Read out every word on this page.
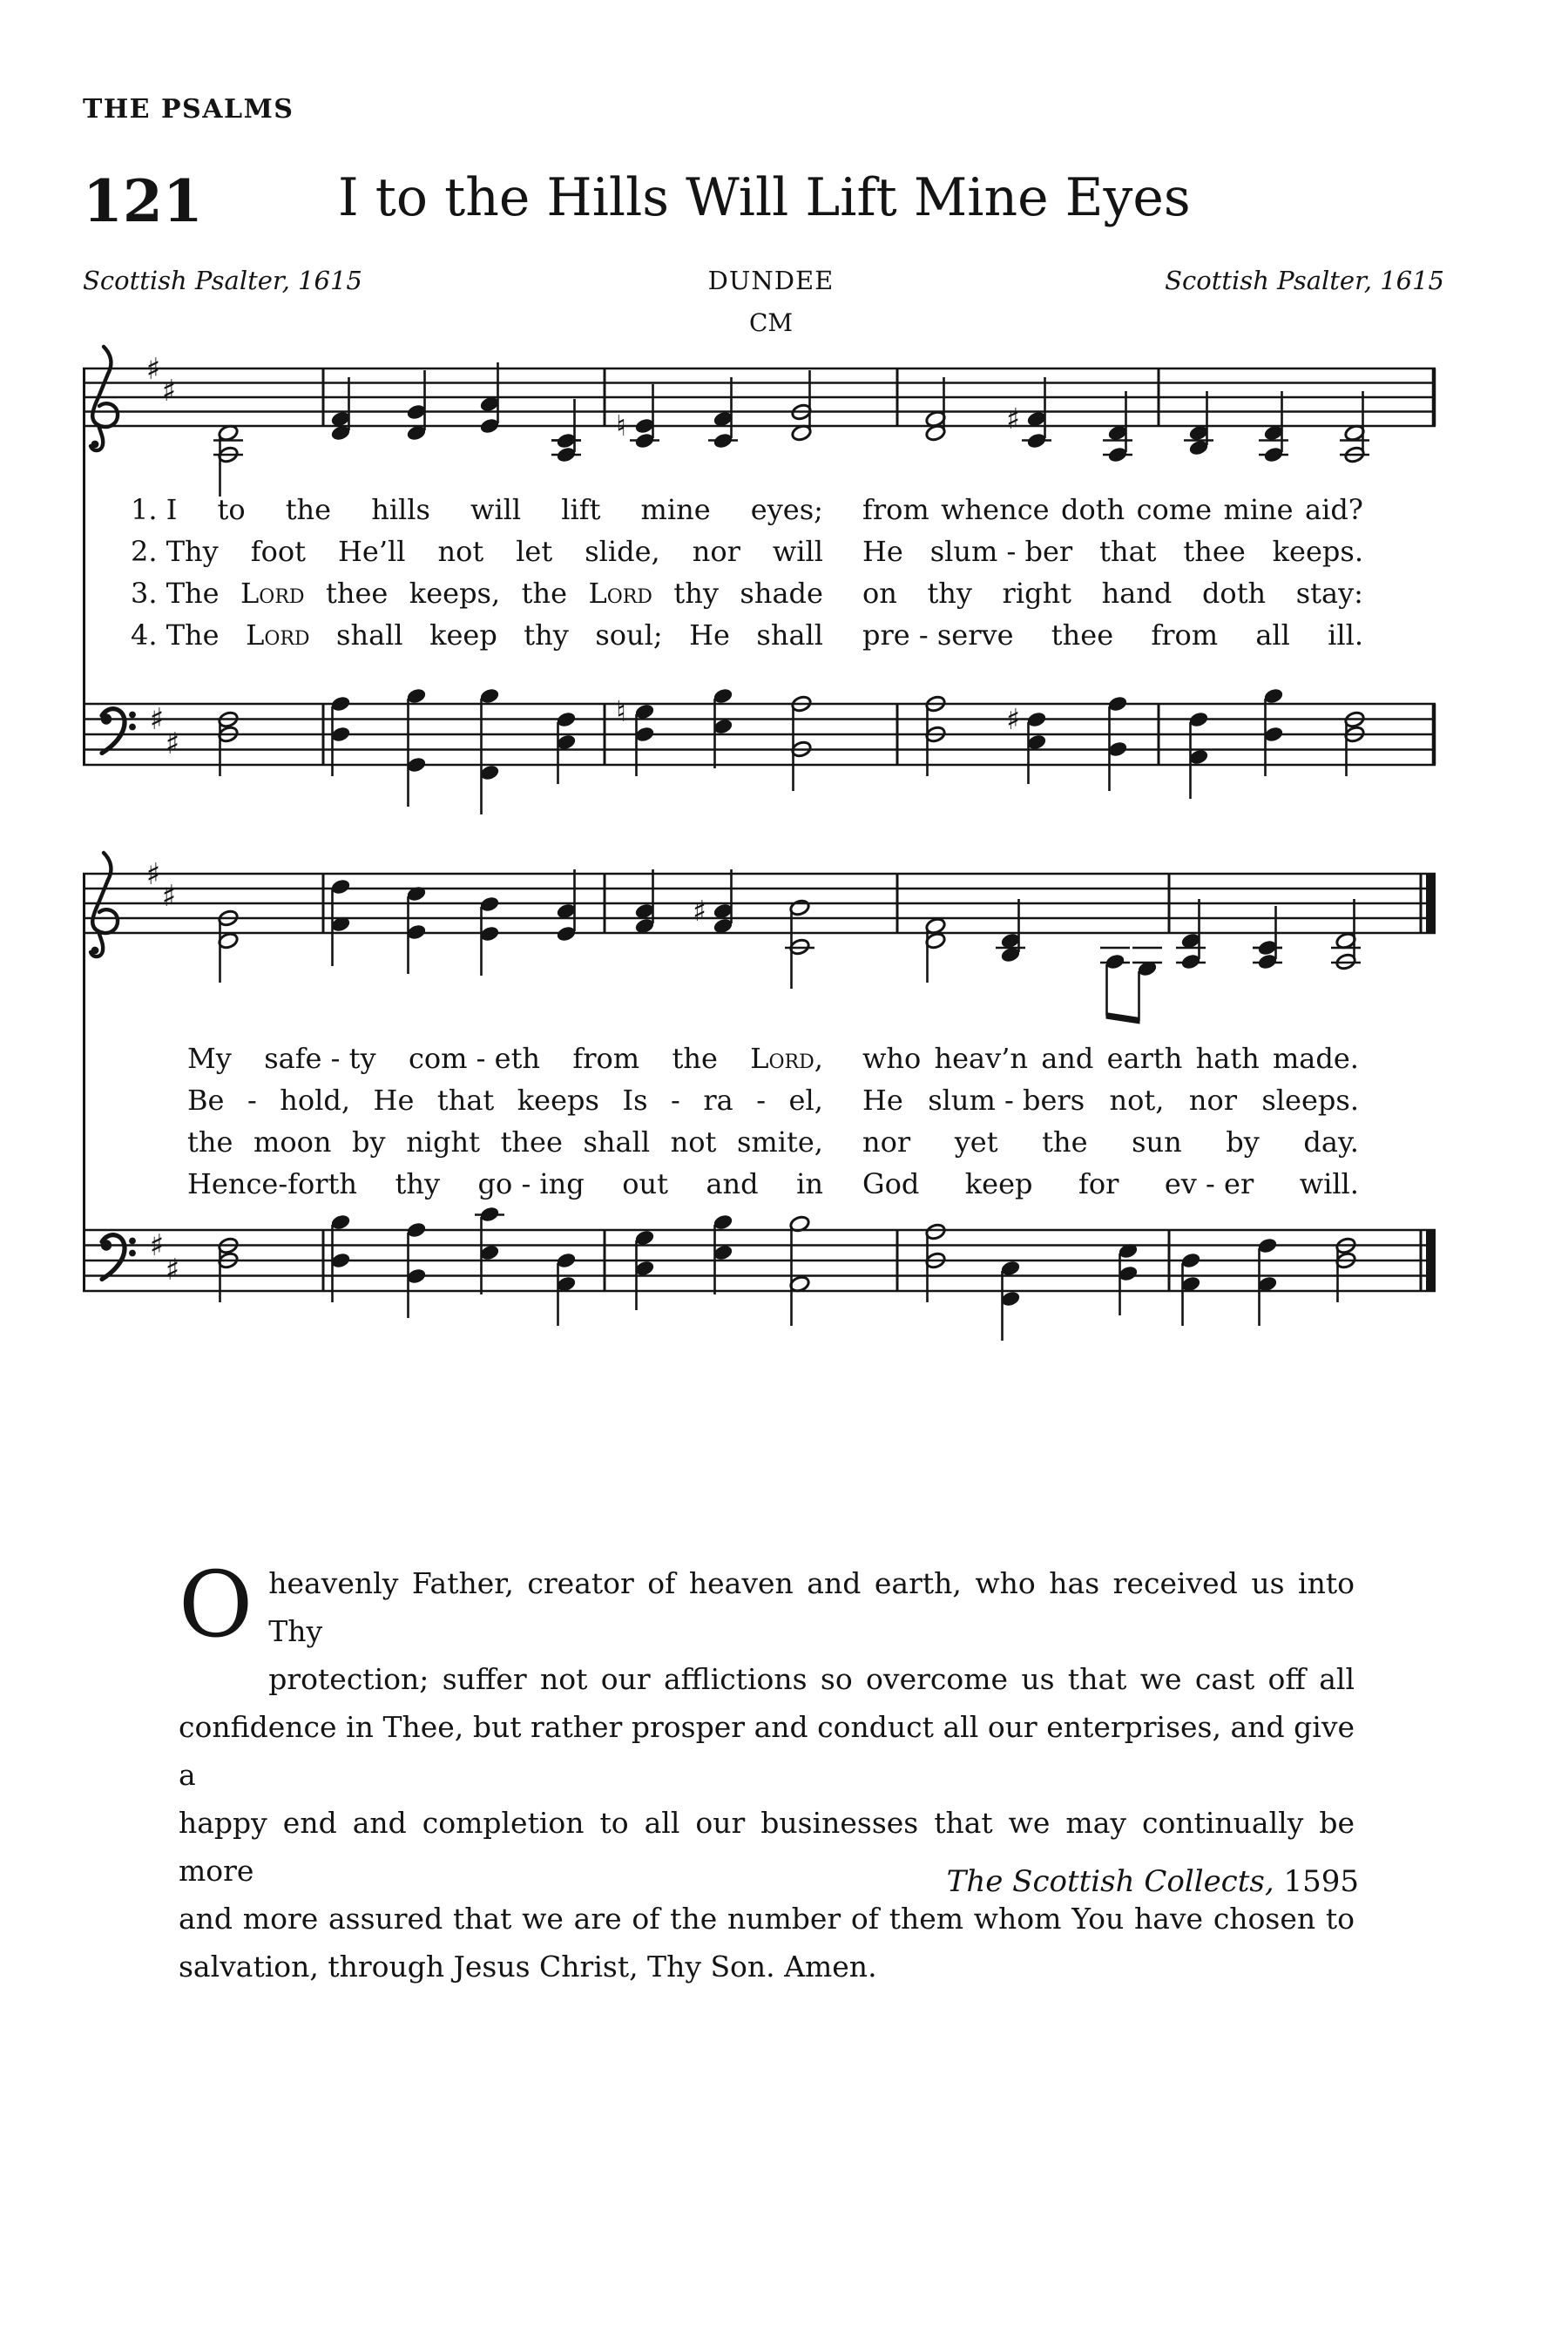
THE PSALMS
121	I to the Hills Will Lift Mine Eyes
Scottish Psalter, 1615	DUNDEE	Scottish Psalter, 1615
CM
♯
♯
♮	♯
♯
♯
♮	♯
♯
♯	♯
♯
♯
1. I to the hills will lift mine eyes; from whence doth come mine aid?
2. Thy foot He’ll not let slide, nor will He slum - ber that thee keeps.
3. The Lord thee keeps, the Lord thy shade on thy right hand doth stay:
4. The Lord shall keep thy soul; He shall pre - serve thee from all ill.
My safe - ty com - eth from the Lord, who heav’n and earth hath made.
Be - hold, He that keeps Is - ra - el, He slum - bers not, nor sleeps.
the moon by night thee shall not smite, nor yet the sun by day.
Hence-forth thy go - ing out and in God keep for ev - er will.
O heavenly Father, creator of heaven and earth, who has received us into Thy
protection; suffer not our afflictions so overcome us that we cast off all
confidence in Thee, but rather prosper and conduct all our enterprises, and give a
happy end and completion to all our businesses that we may continually be more
and more assured that we are of the number of them whom You have chosen to
salvation, through Jesus Christ, Thy Son. Amen.
The Scottish Collects, 1595
